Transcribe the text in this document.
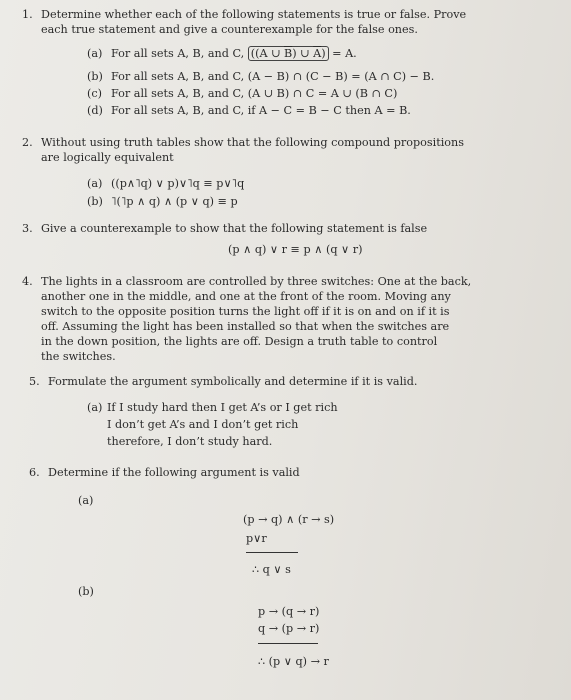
1. Determine whether each of the following statements is true or false. Prove
each true statement and give a counterexample for the false ones.
(a) For all sets A, B, and C, ((A ∪ $\overline{B}$) ∪ $\overline{A}) = A$.
(b) For all sets A, B, and C, (A − B) ∩ (C − B) = (A ∩ C) − B.
(c) For all sets A, B, and C, (A ∪ B) ∩ C = A ∪ (B ∩ C)
(d) For all sets A, B, and C, if A − C = B − C then A = B.
2. Without using truth tables show that the following compound propositions
are logically equivalent
(a) ((p∧˥q) ∨ p)∨˥q ≡ p∨˥q
(b) ˥(˥p ∧ q) ∧ (p ∨ q) ≡ p
3. Give a counterexample to show that the following statement is false
(p ∧ q) ∨ r ≡ p ∧ (q ∨ r)
4. The lights in a classroom are controlled by three switches: One at the back,
another one in the middle, and one at the front of the room. Moving any
switch to the opposite position turns the light off if it is on and on if it is
off. Assuming the light has been installed so that when the switches are
in the down position, the lights are off. Design a truth table to control
the switches.
5. Formulate the argument symbolically and determine if it is valid.
(a) If I study hard then I get A’s or I get rich
I don’t get A’s and I don’t get rich
therefore, I don’t study hard.
6. Determine if the following argument is valid
(a)
(p → q) ∧ (r → s)
p∨r
∴ q ∨ s
(b)
p → (q → r)
q → (p → r)
∴ (p ∨ q) → r
